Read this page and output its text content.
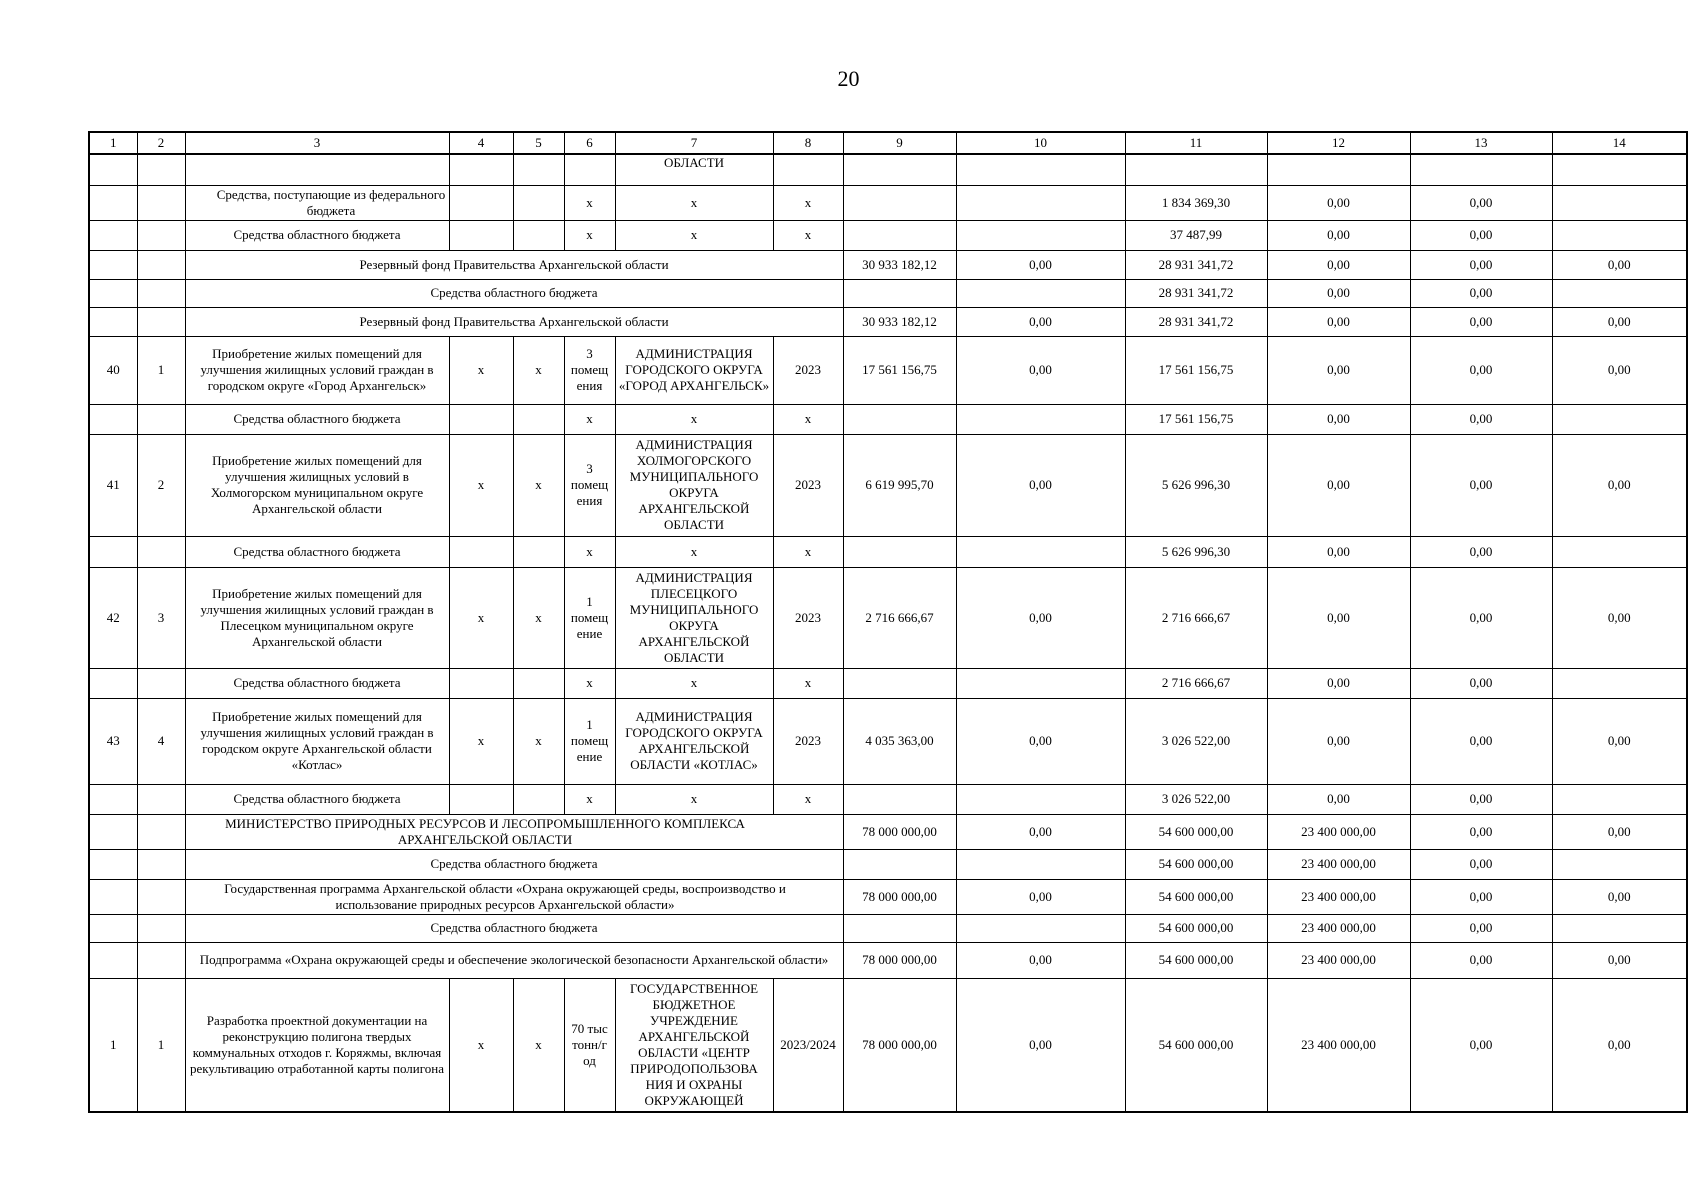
20
1	2	3	4	5	6	7	8	9	10	11	12	13	14
						ОБЛАСТИ							
		Средства, поступающие из федерального бюджета			х	х	х			1 834 369,30	0,00	0,00	
		Средства областного бюджета			х	х	х			37 487,99	0,00	0,00	
		Резервный фонд Правительства Архангельской области						30 933 182,12	0,00	28 931 341,72	0,00	0,00	0,00
		Средства областного бюджета								28 931 341,72	0,00	0,00	
		Резервный фонд Правительства Архангельской области						30 933 182,12	0,00	28 931 341,72	0,00	0,00	0,00
40	1	Приобретение жилых помещений для улучшения жилищных условий граждан в городском округе «Город Архангельск»	х	х	3 помещ ения	АДМИНИСТРАЦИЯ ГОРОДСКОГО ОКРУГА «ГОРОД АРХАНГЕЛЬСК»	2023	17 561 156,75	0,00	17 561 156,75	0,00	0,00	0,00
		Средства областного бюджета			х	х	х			17 561 156,75	0,00	0,00	
41	2	Приобретение жилых помещений для улучшения жилищных условий в Холмогорском муниципальном округе Архангельской области	х	х	3 помещ ения	АДМИНИСТРАЦИЯ ХОЛМОГОРСКОГО МУНИЦИПАЛЬНОГО ОКРУГА АРХАНГЕЛЬСКОЙ ОБЛАСТИ	2023	6 619 995,70	0,00	5 626 996,30	0,00	0,00	0,00
		Средства областного бюджета			х	х	х			5 626 996,30	0,00	0,00	
42	3	Приобретение жилых помещений для улучшения жилищных условий граждан в Плесецком муниципальном округе Архангельской области	х	х	1 помещ ение	АДМИНИСТРАЦИЯ ПЛЕСЕЦКОГО МУНИЦИПАЛЬНОГО ОКРУГА АРХАНГЕЛЬСКОЙ ОБЛАСТИ	2023	2 716 666,67	0,00	2 716 666,67	0,00	0,00	0,00
		Средства областного бюджета			х	х	х			2 716 666,67	0,00	0,00	
43	4	Приобретение жилых помещений для улучшения жилищных условий граждан в городском округе Архангельской области «Котлас»	х	х	1 помещ ение	АДМИНИСТРАЦИЯ ГОРОДСКОГО ОКРУГА АРХАНГЕЛЬСКОЙ ОБЛАСТИ «КОТЛАС»	2023	4 035 363,00	0,00	3 026 522,00	0,00	0,00	0,00
		Средства областного бюджета			х	х	х			3 026 522,00	0,00	0,00	
		МИНИСТЕРСТВО ПРИРОДНЫХ РЕСУРСОВ И ЛЕСОПРОМЫШЛЕННОГО КОМПЛЕКСА АРХАНГЕЛЬСКОЙ ОБЛАСТИ						78 000 000,00	0,00	54 600 000,00	23 400 000,00	0,00	0,00
		Средства областного бюджета								54 600 000,00	23 400 000,00	0,00	
		Государственная программа Архангельской области «Охрана окружающей среды, воспроизводство и использование природных ресурсов Архангельской области»						78 000 000,00	0,00	54 600 000,00	23 400 000,00	0,00	0,00
		Средства областного бюджета								54 600 000,00	23 400 000,00	0,00	
		Подпрограмма «Охрана окружающей среды и обеспечение экологической безопасности Архангельской области»						78 000 000,00	0,00	54 600 000,00	23 400 000,00	0,00	0,00
1	1	Разработка проектной документации на реконструкцию полигона твердых коммунальных отходов г. Коряжмы, включая рекультивацию отработанной карты полигона	х	х	70 тыс тонн/г од	ГОСУДАРСТВЕННОЕ БЮДЖЕТНОЕ УЧРЕЖДЕНИЕ АРХАНГЕЛЬСКОЙ ОБЛАСТИ «ЦЕНТР ПРИРОДОПОЛЬЗОВА НИЯ И ОХРАНЫ ОКРУЖАЮЩЕЙ	2023/2024	78 000 000,00	0,00	54 600 000,00	23 400 000,00	0,00	0,00
